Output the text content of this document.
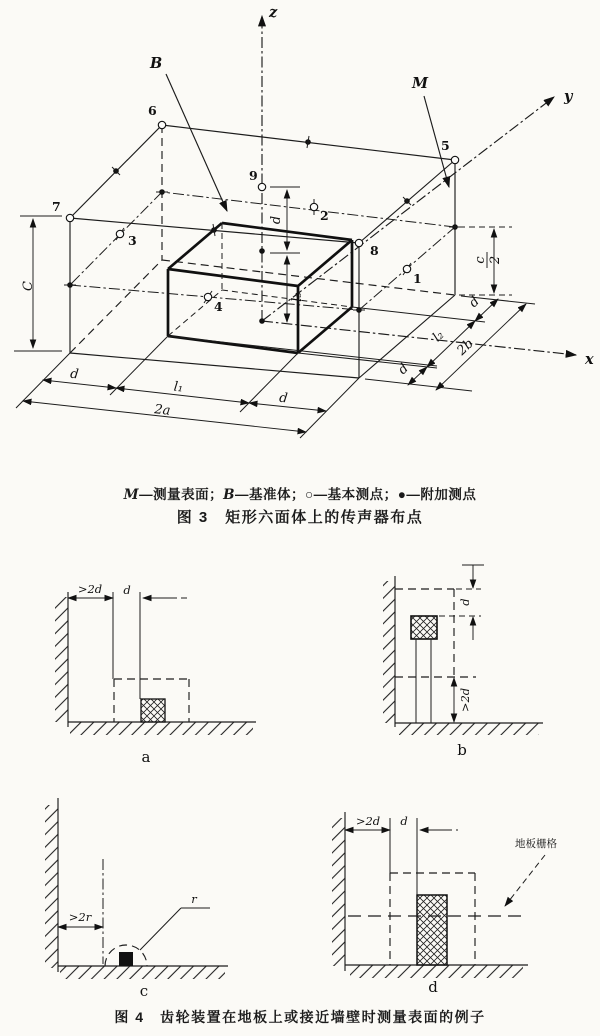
z
y
x
B
M
C
c 2
d
l₃
d
l₁
d
2a
d
l₂
d
2b
1
2
3
4
5
6
7
8
9
M—测量表面；B—基准体；○—基本测点；●—附加测点
图 3　矩形六面体上的传声器布点
>2d d
a
d
>2d
b
>2r
r
c
>2d d
地板栅格
d
图 4　齿轮装置在地板上或接近墙壁时测量表面的例子
